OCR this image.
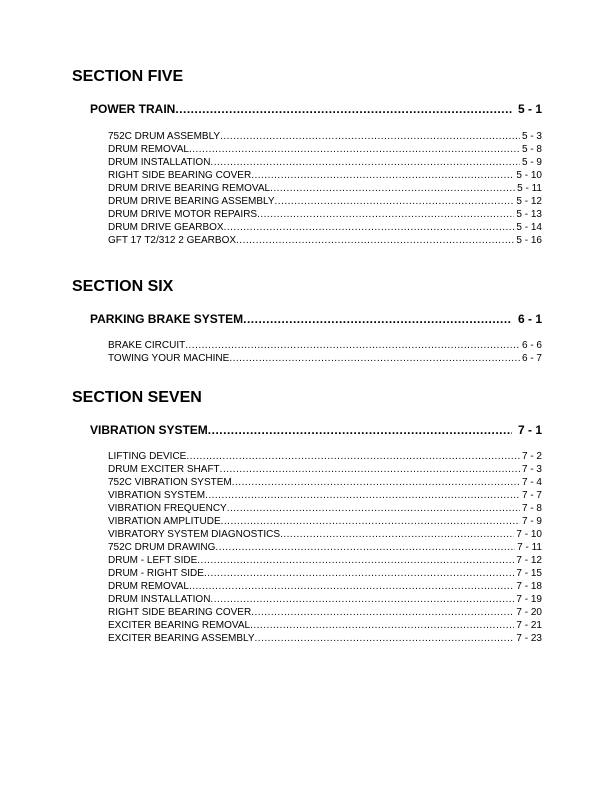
SECTION FIVE
POWER TRAIN .....	5 - 1
752C DRUM ASSEMBLY .....	5 - 3
DRUM REMOVAL .....	5 - 8
DRUM INSTALLATION .....	5 - 9
RIGHT SIDE BEARING COVER .....	5 - 10
DRUM DRIVE BEARING REMOVAL .....	5 - 11
DRUM DRIVE BEARING ASSEMBLY .....	5 - 12
DRUM DRIVE MOTOR REPAIRS .....	5 - 13
DRUM DRIVE GEARBOX .....	5 - 14
GFT 17 T2/312 2 GEARBOX .....	5 - 16
SECTION SIX
PARKING BRAKE SYSTEM .....	6 - 1
BRAKE CIRCUIT .....	6 - 6
TOWING YOUR MACHINE .....	6 - 7
SECTION SEVEN
VIBRATION SYSTEM .....	7 - 1
LIFTING DEVICE .....	7 - 2
DRUM EXCITER SHAFT .....	7 - 3
752C VIBRATION SYSTEM .....	7 - 4
VIBRATION SYSTEM .....	7 - 7
VIBRATION FREQUENCY .....	7 - 8
VIBRATION AMPLITUDE .....	7 - 9
VIBRATORY SYSTEM DIAGNOSTICS .....	7 - 10
752C DRUM DRAWING .....	7 - 11
DRUM - LEFT SIDE .....	7 - 12
DRUM - RIGHT SIDE .....	7 - 15
DRUM REMOVAL .....	7 - 18
DRUM INSTALLATION .....	7 - 19
RIGHT SIDE BEARING COVER .....	7 - 20
EXCITER BEARING REMOVAL .....	7 - 21
EXCITER BEARING ASSEMBLY .....	7 - 23
